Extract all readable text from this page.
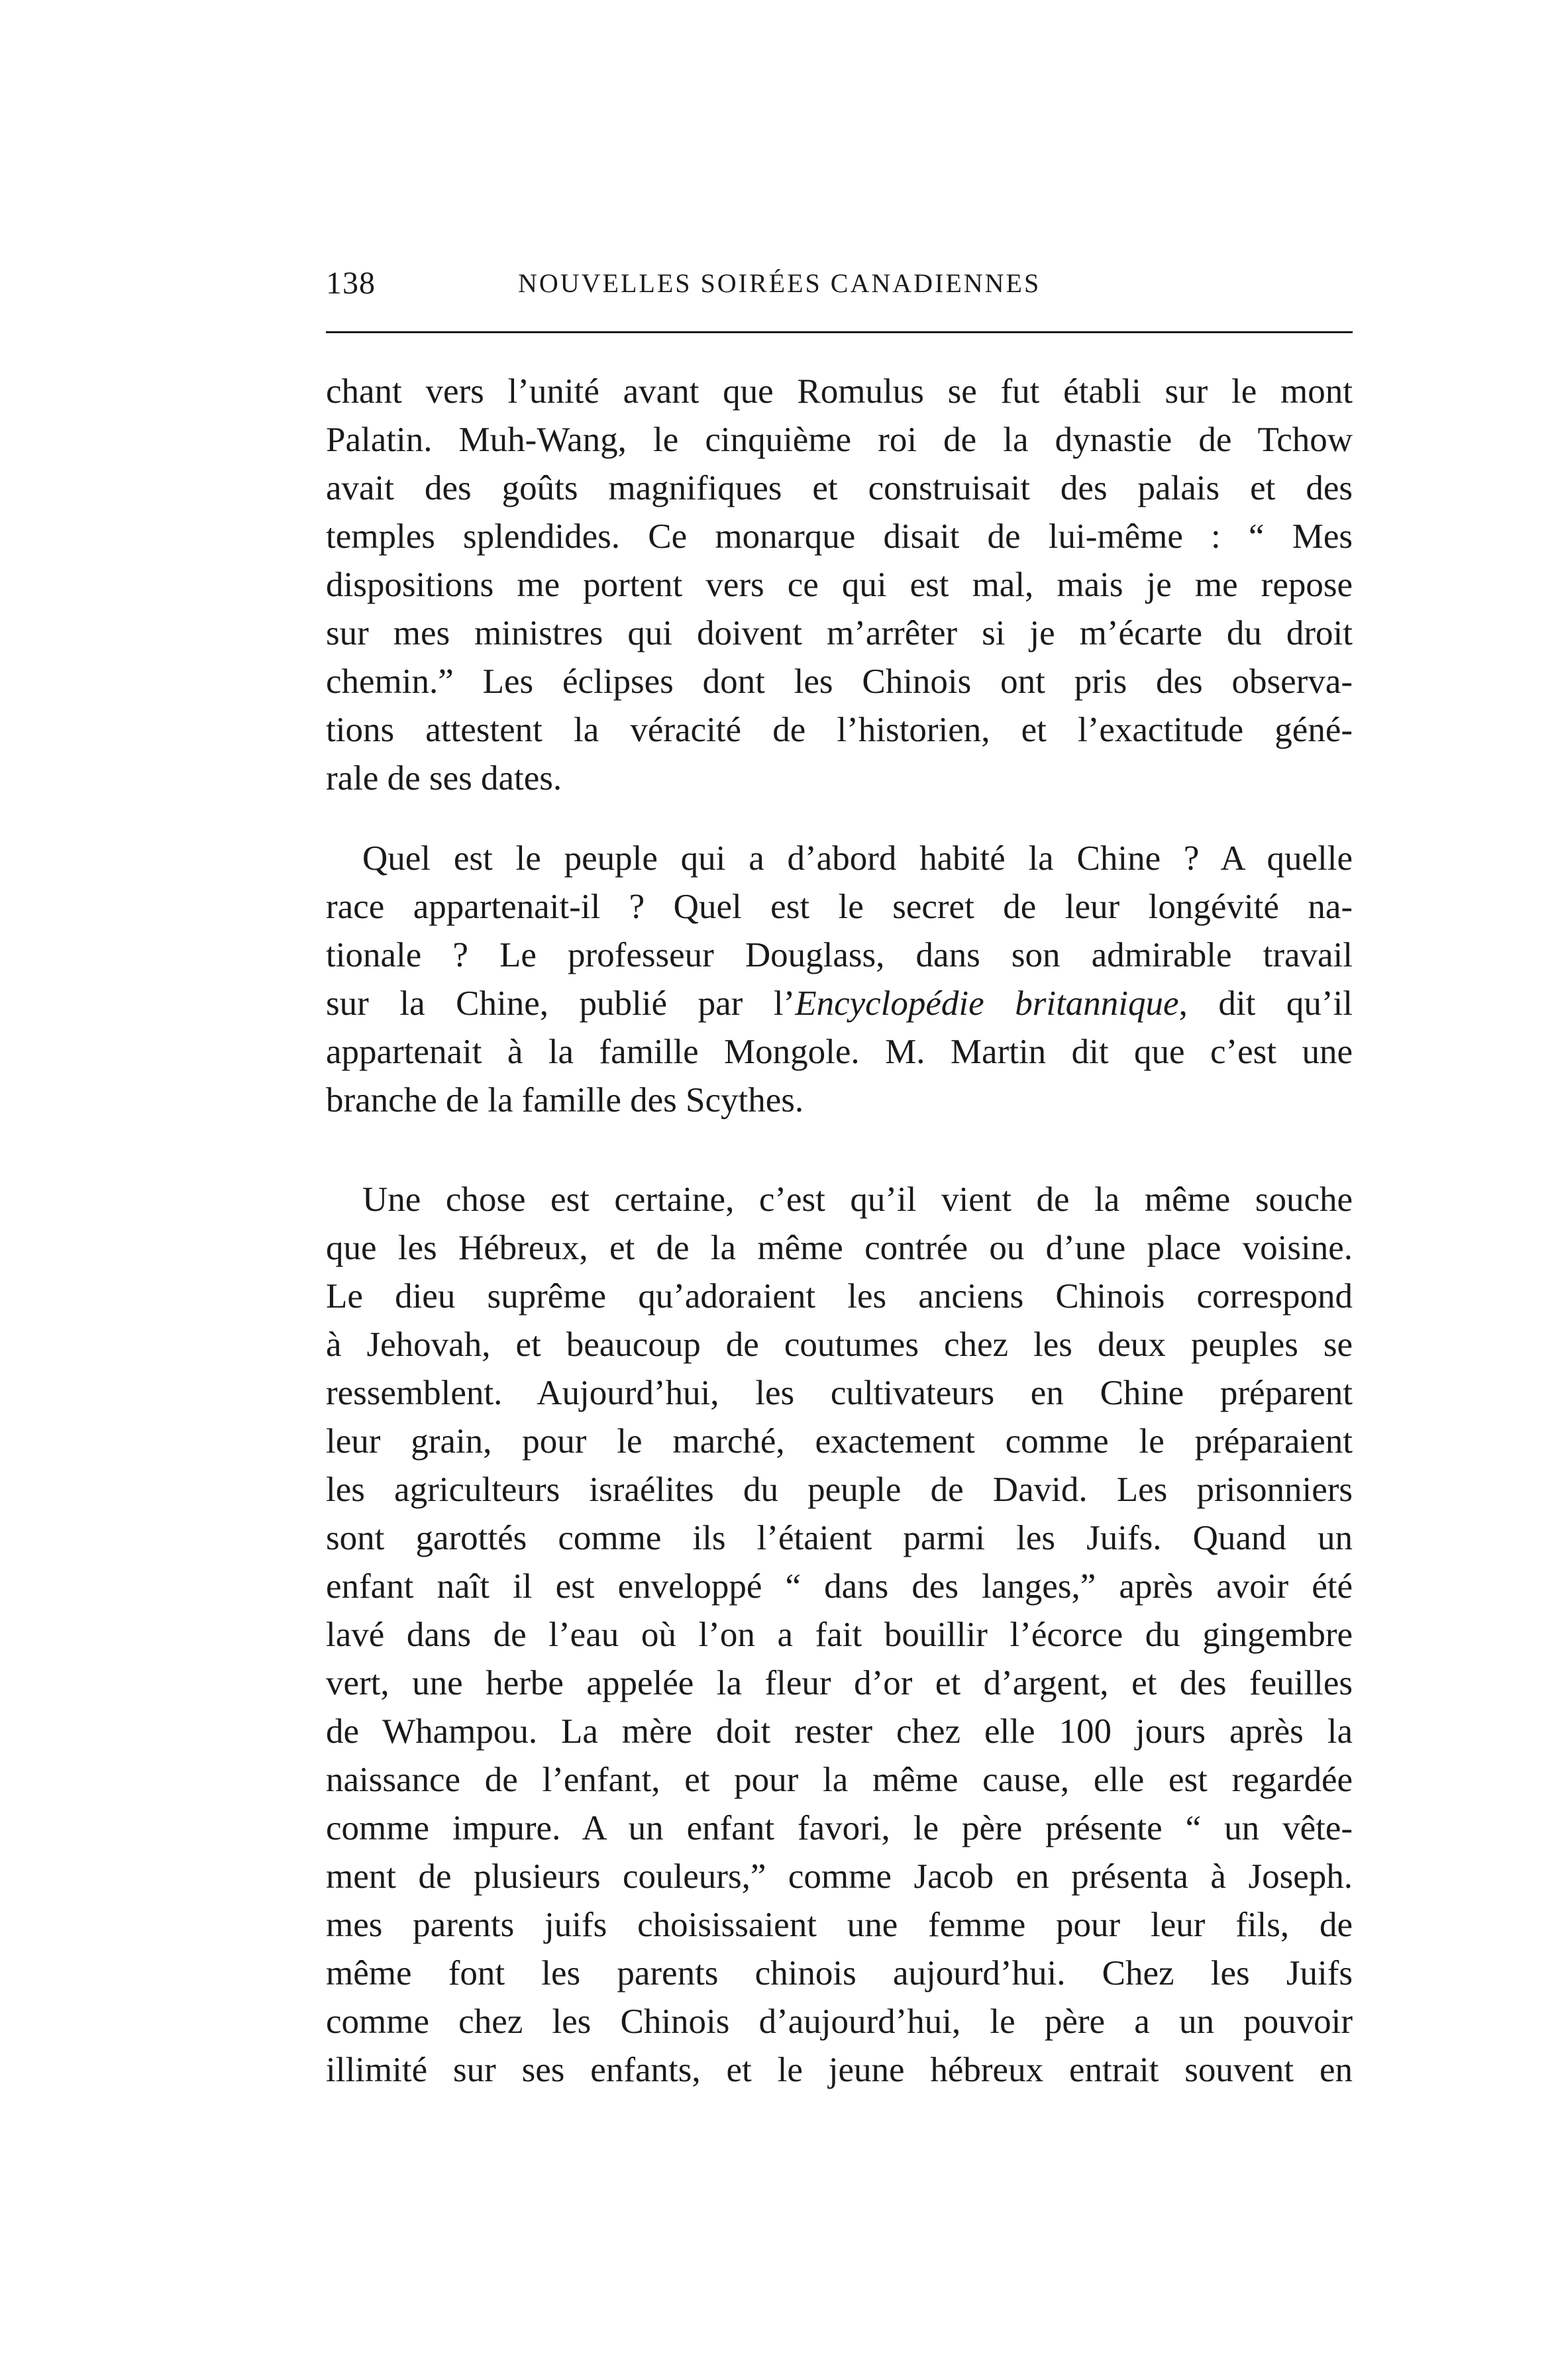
138	NOUVELLES SOIRÉES CANADIENNES
chant vers l’unité avant que Romulus se fut établi sur le mont
Palatin. Muh-Wang, le cinquième roi de la dynastie de Tchow
avait des goûts magnifiques et construisait des palais et des
temples splendides. Ce monarque disait de lui-même : “ Mes
dispositions me portent vers ce qui est mal, mais je me repose
sur mes ministres qui doivent m’arrêter si je m’écarte du droit
chemin.” Les éclipses dont les Chinois ont pris des observa-
tions attestent la véracité de l’historien, et l’exactitude géné-
rale de ses dates.
Quel est le peuple qui a d’abord habité la Chine ? A quelle
race appartenait-il ? Quel est le secret de leur longévité na-
tionale ? Le professeur Douglass, dans son admirable travail
sur la Chine, publié par l’Encyclopédie britannique, dit qu’il
appartenait à la famille Mongole. M. Martin dit que c’est une
branche de la famille des Scythes.
Une chose est certaine, c’est qu’il vient de la même souche
que les Hébreux, et de la même contrée ou d’une place voisine.
Le dieu suprême qu’adoraient les anciens Chinois correspond
à Jehovah, et beaucoup de coutumes chez les deux peuples se
ressemblent. Aujourd’hui, les cultivateurs en Chine préparent
leur grain, pour le marché, exactement comme le préparaient
les agriculteurs israélites du peuple de David. Les prisonniers
sont garottés comme ils l’étaient parmi les Juifs. Quand un
enfant naît il est enveloppé “ dans des langes,” après avoir été
lavé dans de l’eau où l’on a fait bouillir l’écorce du gingembre
vert, une herbe appelée la fleur d’or et d’argent, et des feuilles
de Whampou. La mère doit rester chez elle 100 jours après la
naissance de l’enfant, et pour la même cause, elle est regardée
comme impure. A un enfant favori, le père présente “ un vête-
ment de plusieurs couleurs,” comme Jacob en présenta à Joseph.
mes parents juifs choisissaient une femme pour leur fils, de
même font les parents chinois aujourd’hui. Chez les Juifs
comme chez les Chinois d’aujourd’hui, le père a un pouvoir
illimité sur ses enfants, et le jeune hébreux entrait souvent en
